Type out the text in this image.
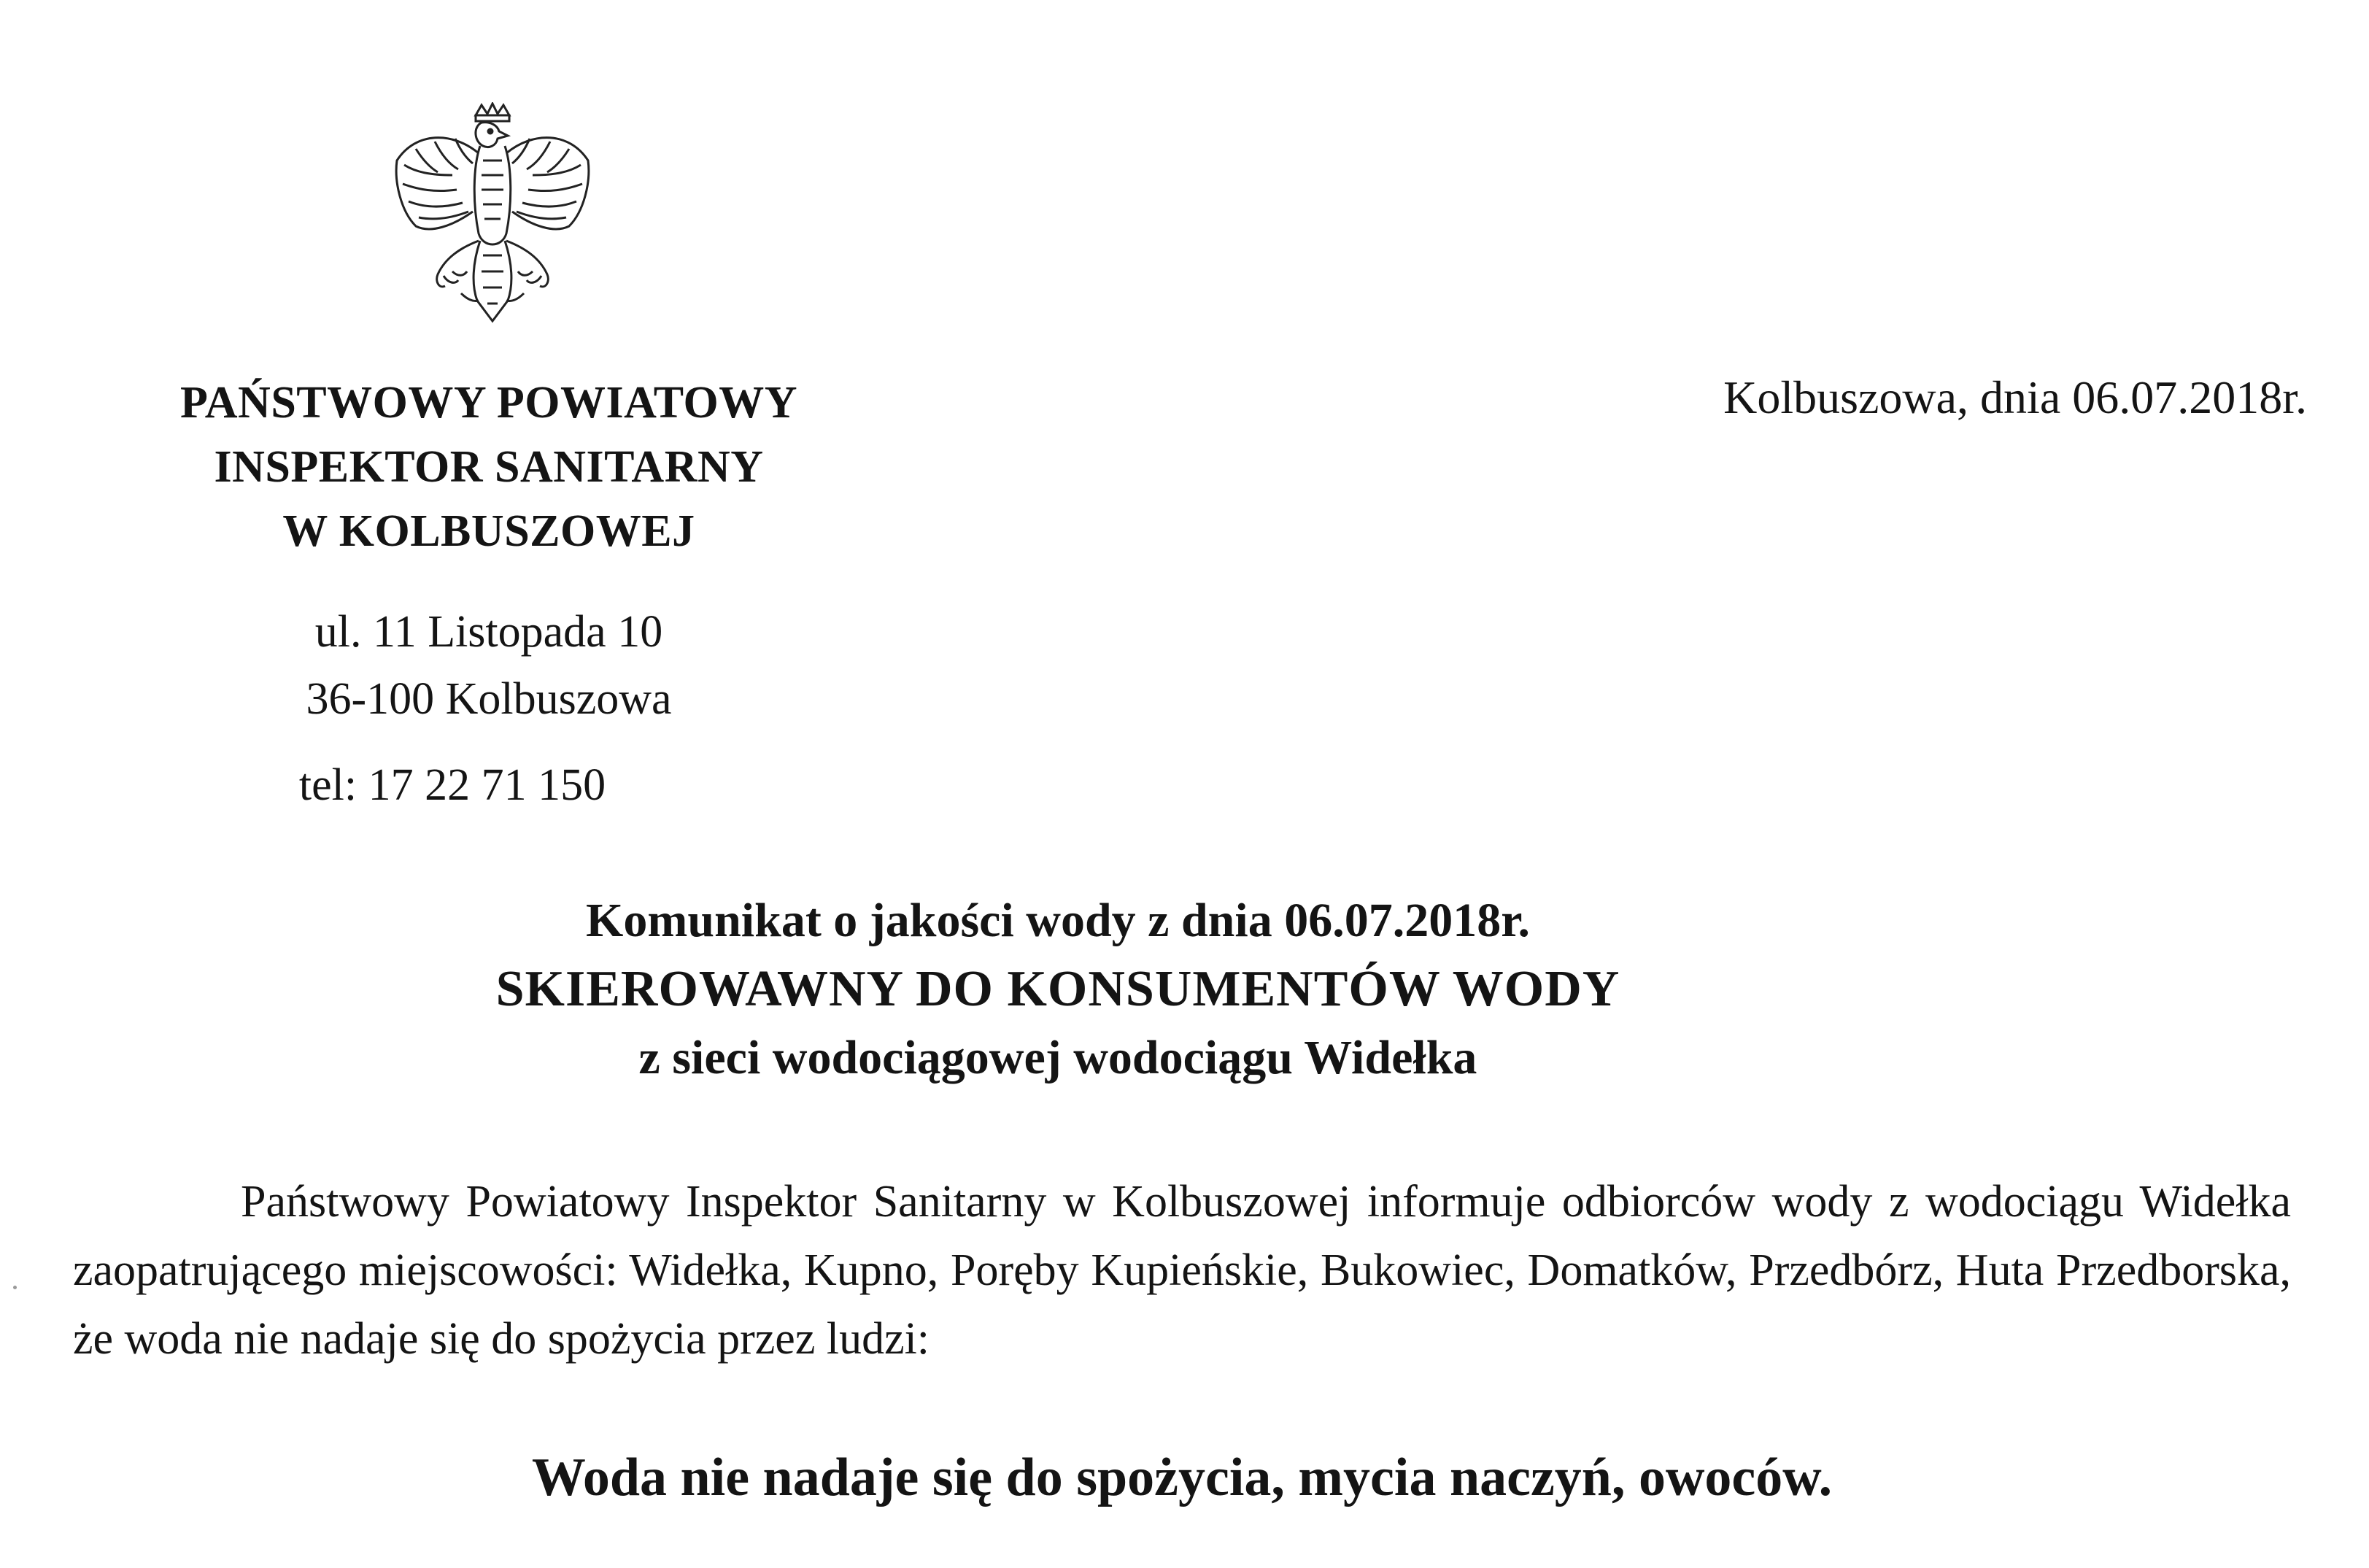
PAŃSTWOWY POWIATOWY
INSPEKTOR SANITARNY
W KOLBUSZOWEJ
ul. 11 Listopada 10
36-100 Kolbuszowa
tel: 17 22 71 150
Kolbuszowa, dnia 06.07.2018r.
Komunikat o jakości wody z dnia 06.07.2018r.
SKIEROWAWNY DO KONSUMENTÓW WODY
z sieci wodociągowej wodociągu Widełka

Państwowy Powiatowy Inspektor Sanitarny w Kolbuszowej informuje odbiorców wody z wodociągu Widełka zaopatrującego miejscowości: Widełka, Kupno, Poręby Kupieńskie, Bukowiec, Domatków, Przedbórz, Huta Przedborska, że woda nie nadaje się do spożycia przez ludzi:

Woda nie nadaje się do spożycia, mycia naczyń, owoców.
